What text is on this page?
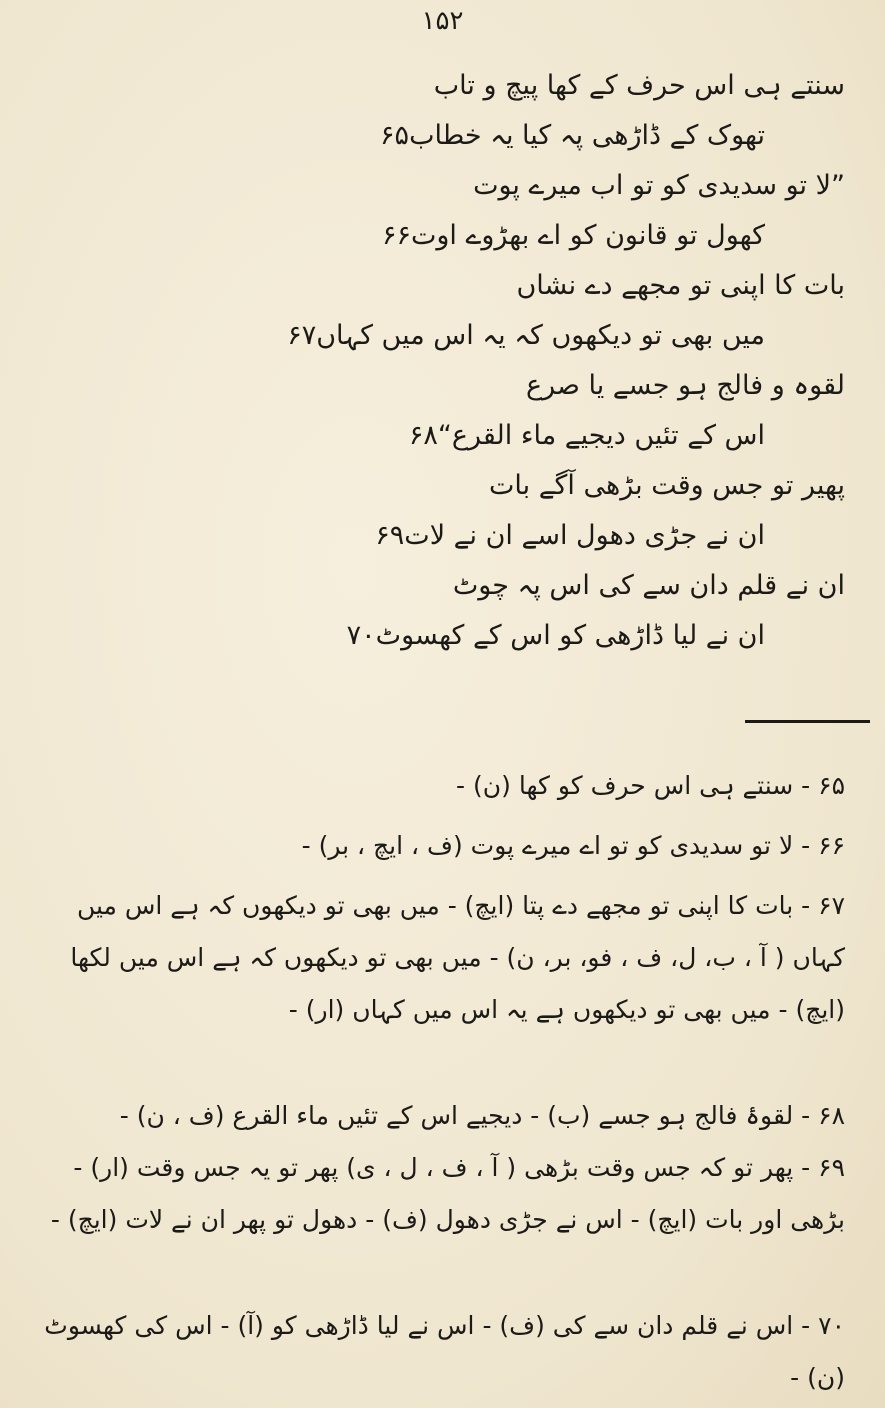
۱۵۲
سنتے ہی اس حرف کے کھا پیچ و تاب
تھوک کے ڈاڑھی پہ کیا یہ خطاب۶۵
”لا تو سدیدی کو تو اب میرے پوت
کھول تو قانون کو اے بھڑوے اوت۶۶
بات کا اپنی تو مجھے دے نشاں
میں بھی تو دیکھوں کہ یہ اس میں کہاں۶۷
لقوہ و فالج ہو جسے یا صرع
اس کے تئیں دیجیے ماء القرع“۶۸
پھیر تو جس وقت بڑھی آگے بات
ان نے جڑی دھول اسے ان نے لات۶۹
ان نے قلم دان سے کی اس پہ چوٹ
ان نے لیا ڈاڑھی کو اس کے کھسوٹ۷۰
۶۵ - سنتے ہی اس حرف کو کھا (ن) -
۶۶ - لا تو سدیدی کو تو اے میرے پوت (ف ، ایچ ، بر) -
۶۷ - بات کا اپنی تو مجھے دے پتا (ایچ) - میں بھی تو دیکھوں کہ ہے اس میں کہاں ( آ ، ب، ل، ف ، فو، بر، ن) - میں بھی تو دیکھوں کہ ہے اس میں لکھا (ایچ) - میں بھی تو دیکھوں ہے یہ اس میں کہاں (ار) -
۶۸ - لقوۂ فالج ہو جسے (ب) - دیجیے اس کے تئیں ماء القرع (ف ، ن) -
۶۹ - پھر تو کہ جس وقت بڑھی ( آ ، ف ، ل ، ی) پھر تو یہ جس وقت (ار) - بڑھی اور بات (ایچ) - اس نے جڑی دھول (ف) - دھول تو پھر ان نے لات (ایچ) -
۷۰ - اس نے قلم دان سے کی (ف) - اس نے لیا ڈاڑھی کو (آ) - اس کی کھسوٹ (ن) -
